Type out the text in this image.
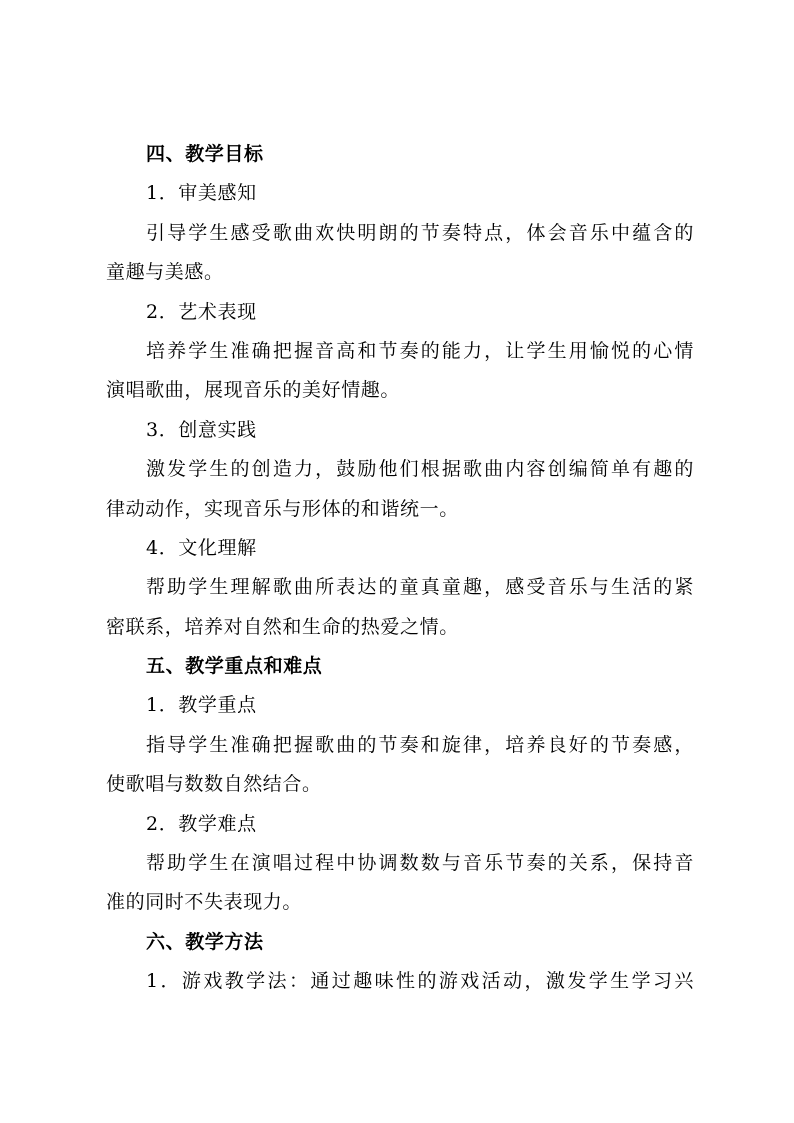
四、教学目标
1．审美感知
引导学生感受歌曲欢快明朗的节奏特点，体会音乐中蕴含的
童趣与美感。
2．艺术表现
培养学生准确把握音高和节奏的能力，让学生用愉悦的心情
演唱歌曲，展现音乐的美好情趣。
3．创意实践
激发学生的创造力，鼓励他们根据歌曲内容创编简单有趣的
律动动作，实现音乐与形体的和谐统一。
4．文化理解
帮助学生理解歌曲所表达的童真童趣，感受音乐与生活的紧
密联系，培养对自然和生命的热爱之情。
五、教学重点和难点
1．教学重点
指导学生准确把握歌曲的节奏和旋律，培养良好的节奏感，
使歌唱与数数自然结合。
2．教学难点
帮助学生在演唱过程中协调数数与音乐节奏的关系，保持音
准的同时不失表现力。
六、教学方法
1．游戏教学法：通过趣味性的游戏活动，激发学生学习兴
